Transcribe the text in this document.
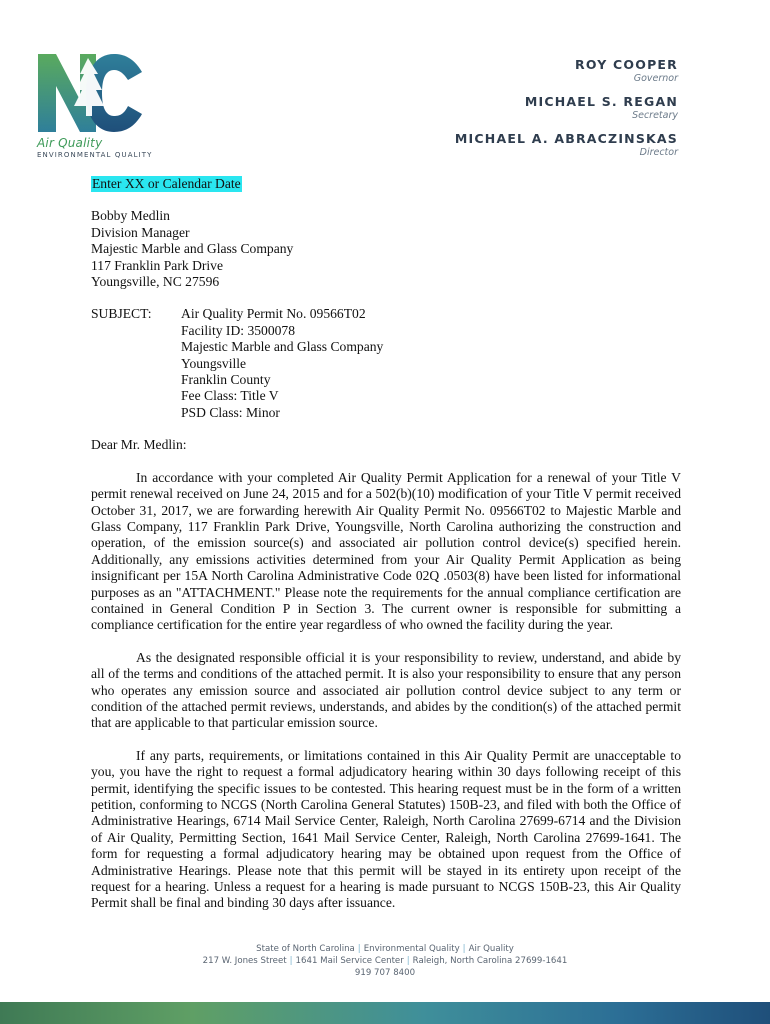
Air Quality
ENVIRONMENTAL QUALITY
ROY COOPER
Governor
MICHAEL S. REGAN
Secretary
MICHAEL A. ABRACZINSKAS
Director
Enter XX or Calendar Date
Bobby Medlin
Division Manager
Majestic Marble and Glass Company
117 Franklin Park Drive
Youngsville, NC 27596
SUBJECT:	Air Quality Permit No. 09566T02
Facility ID: 3500078
Majestic Marble and Glass Company
Youngsville
Franklin County
Fee Class: Title V
PSD Class: Minor
Dear Mr. Medlin:

In accordance with your completed Air Quality Permit Application for a renewal of your Title V permit renewal received on June 24, 2015 and for a 502(b)(10) modification of your Title V permit received October 31, 2017, we are forwarding herewith Air Quality Permit No. 09566T02 to Majestic Marble and Glass Company, 117 Franklin Park Drive, Youngsville, North Carolina authorizing the construction and operation, of the emission source(s) and associated air pollution control device(s) specified herein. Additionally, any emissions activities determined from your Air Quality Permit Application as being insignificant per 15A North Carolina Administrative Code 02Q .0503(8) have been listed for informational purposes as an "ATTACHMENT." Please note the requirements for the annual compliance certification are contained in General Condition P in Section 3. The current owner is responsible for submitting a compliance certification for the entire year regardless of who owned the facility during the year.

As the designated responsible official it is your responsibility to review, understand, and abide by all of the terms and conditions of the attached permit. It is also your responsibility to ensure that any person who operates any emission source and associated air pollution control device subject to any term or condition of the attached permit reviews, understands, and abides by the condition(s) of the attached permit that are applicable to that particular emission source.

If any parts, requirements, or limitations contained in this Air Quality Permit are unacceptable to you, you have the right to request a formal adjudicatory hearing within 30 days following receipt of this permit, identifying the specific issues to be contested. This hearing request must be in the form of a written petition, conforming to NCGS (North Carolina General Statutes) 150B-23, and filed with both the Office of Administrative Hearings, 6714 Mail Service Center, Raleigh, North Carolina 27699-6714 and the Division of Air Quality, Permitting Section, 1641 Mail Service Center, Raleigh, North Carolina 27699-1641. The form for requesting a formal adjudicatory hearing may be obtained upon request from the Office of Administrative Hearings. Please note that this permit will be stayed in its entirety upon receipt of the request for a hearing. Unless a request for a hearing is made pursuant to NCGS 150B-23, this Air Quality Permit shall be final and binding 30 days after issuance.

State of North Carolina | Environmental Quality | Air Quality
217 W. Jones Street | 1641 Mail Service Center | Raleigh, North Carolina 27699-1641
919 707 8400
